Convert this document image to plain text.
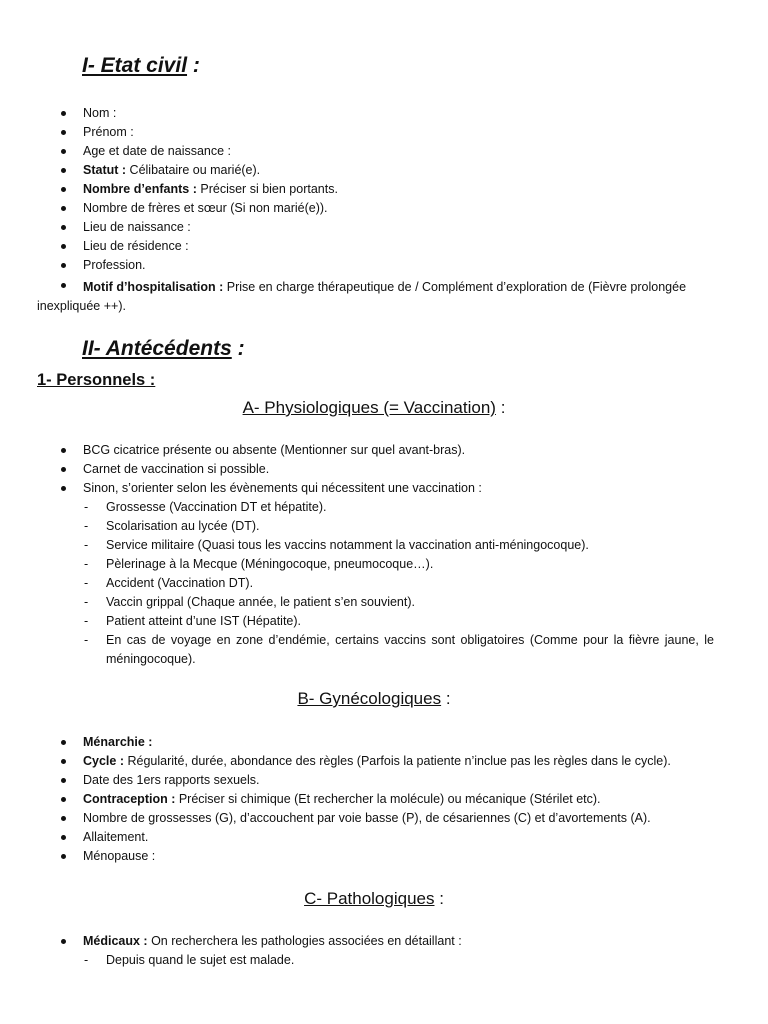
I- Etat civil :
Nom :
Prénom :
Age et date de naissance :
Statut : Célibataire ou marié(e).
Nombre d’enfants : Préciser si bien portants.
Nombre de frères et sœur (Si non marié(e)).
Lieu de naissance :
Lieu de résidence :
Profession.
Motif d’hospitalisation : Prise en charge thérapeutique de / Complément d’exploration de (Fièvre prolongée inexpliquée ++).
II- Antécédents :
1- Personnels :
A- Physiologiques (= Vaccination) :
BCG cicatrice présente ou absente (Mentionner sur quel avant-bras).
Carnet de vaccination si possible.
Sinon, s’orienter selon les évènements qui nécessitent une vaccination :
- Grossesse (Vaccination DT et hépatite).
- Scolarisation au lycée (DT).
- Service militaire (Quasi tous les vaccins notamment la vaccination anti-méningocoque).
- Pèlerinage à la Mecque (Méningocoque, pneumocoque…).
- Accident (Vaccination DT).
- Vaccin grippal (Chaque année, le patient s’en souvient).
- Patient atteint d’une IST (Hépatite).
- En cas de voyage en zone d’endémie, certains vaccins sont obligatoires (Comme pour la fièvre jaune, le méningocoque).
B- Gynécologiques :
Ménarchie :
Cycle : Régularité, durée, abondance des règles (Parfois la patiente n’inclue pas les règles dans le cycle).
Date des 1ers rapports sexuels.
Contraception : Préciser si chimique (Et rechercher la molécule) ou mécanique (Stérilet etc).
Nombre de grossesses (G), d’accouchent par voie basse (P), de césariennes (C) et d’avortements (A).
Allaitement.
Ménopause :
C- Pathologiques :
Médicaux : On recherchera les pathologies associées en détaillant :
- Depuis quand le sujet est malade.
